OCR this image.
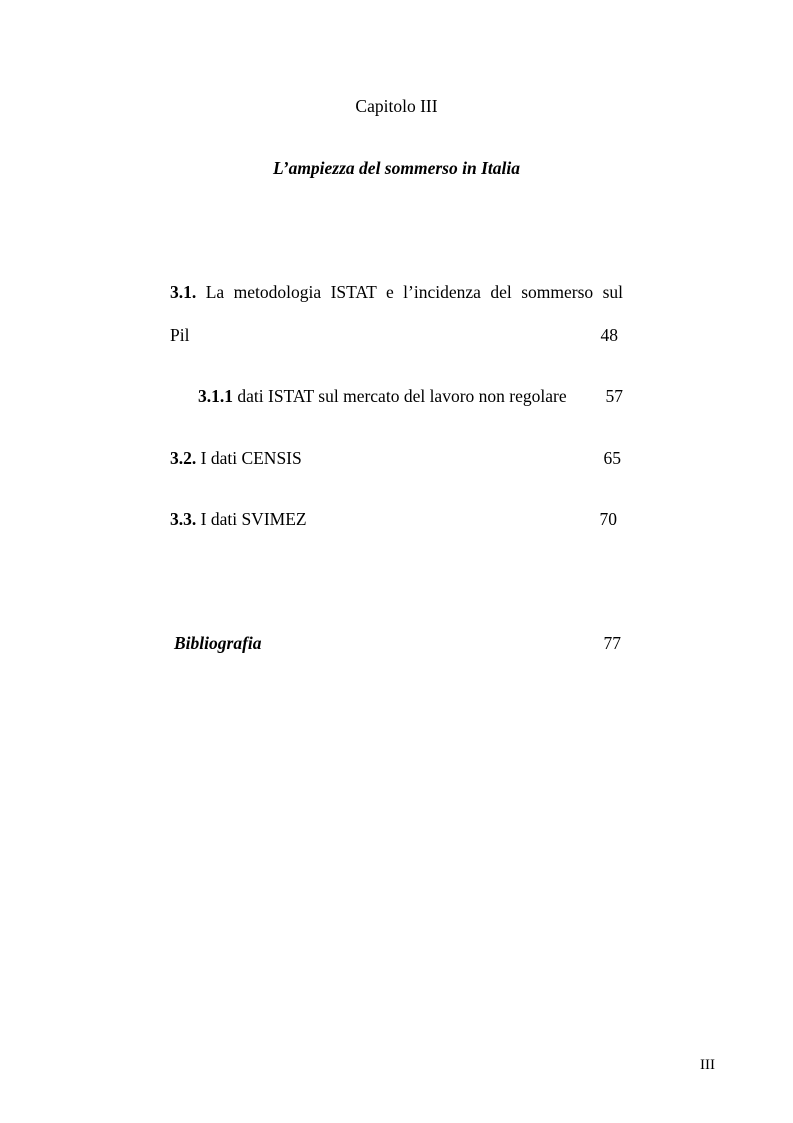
Capitolo III
L’ampiezza del sommerso in Italia
3.1. La metodologia ISTAT e l’incidenza del sommerso sul
Pil	48
3.1.1 dati ISTAT sul mercato del lavoro non regolare 57
3.2. I dati CENSIS	65
3.3. I dati SVIMEZ	70
Bibliografia	77
III
